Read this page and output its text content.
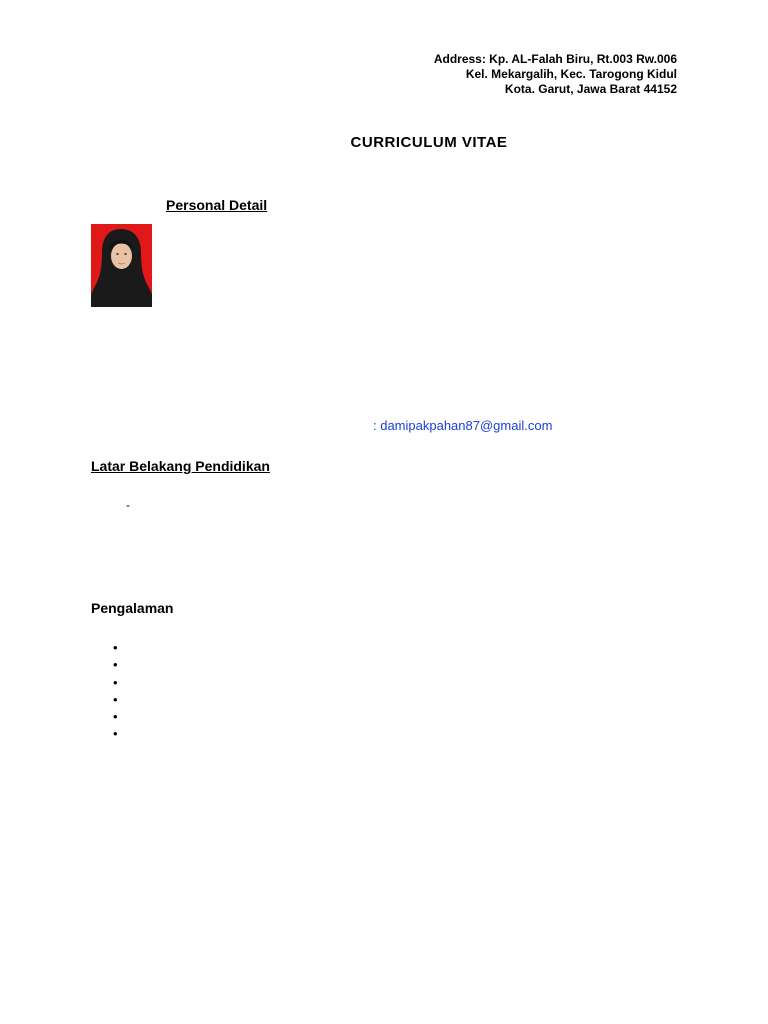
Address: Kp. AL-Falah Biru, Rt.003 Rw.006
Kel. Mekargalih, Kec. Tarogong Kidul
Kota. Garut, Jawa Barat 44152
CURRICULUM VITAE
Personal Detail
: damipakpahan87@gmail.com
Latar Belakang Pendidikan
-
Pengalaman
•
•
•
•
•
•
